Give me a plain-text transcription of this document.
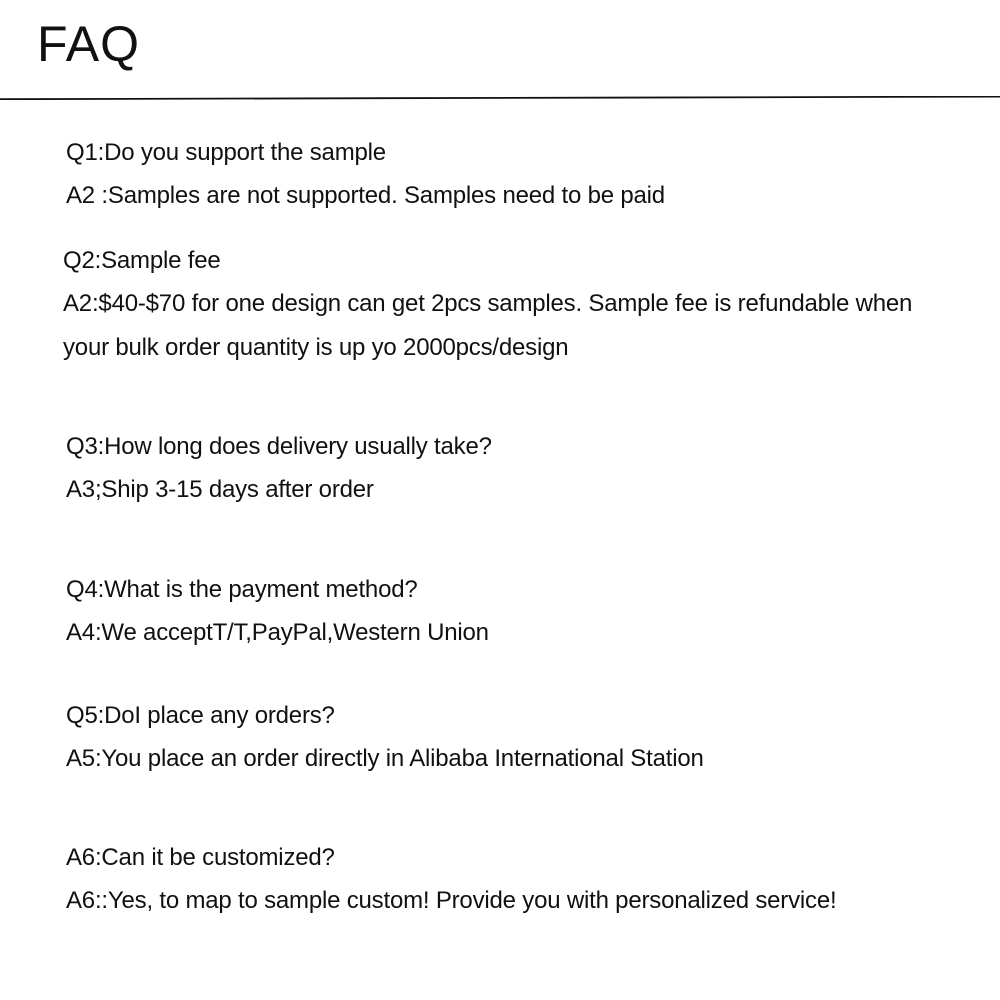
FAQ
Q1:Do you support the sample
A2 :Samples are not supported. Samples need to be paid
Q2:Sample fee
A2:$40-$70 for one design can get 2pcs samples. Sample fee is refundable when
your bulk order quantity is up yo 2000pcs/design
Q3:How long does delivery usually take?
A3;Ship 3-15 days after order
Q4:What is the payment method?
A4:We acceptT/T,PayPal,Western Union
Q5:DoI place any orders?
A5:You place an order directly in Alibaba International Station
A6:Can it be customized?
A6::Yes, to map to sample custom! Provide you with personalized service!
